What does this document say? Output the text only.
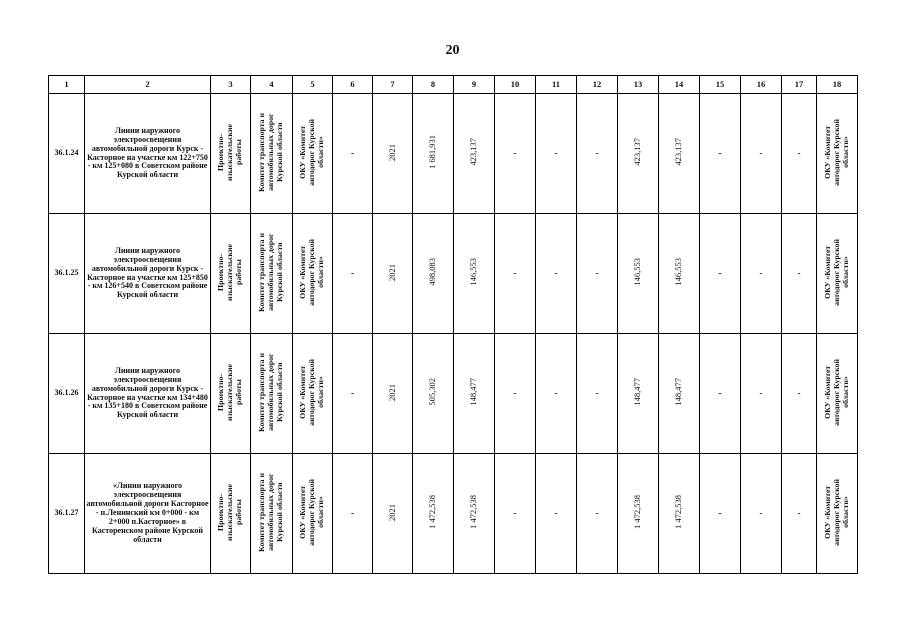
20
1	2	3	4	5	6	7	8	9	10	11	12	13	14	15	16	17	18
36.1.24	Линии наружного электроосвещения автомобильной дороги Курск - Касторное на участке км 122+750 - км 125+080 в Советском районе Курской области	Проектно- изыскательские работы	Комитет транспорта и автомобильных дорог Курской области	ОКУ «Комитет автодорог Курской области»	-	2021	1 681,931	423,137	-	-	-	423,137	423,137	-	-	-	ОКУ «Комитет автодорог Курской области»

36.1.25	Линии наружного электроосвещения автомобильной дороги Курск - Касторное на участке км 125+850 - км 126+540 в Советском районе Курской области	Проектно- изыскательские работы	Комитет транспорта и автомобильных дорог Курской области	ОКУ «Комитет автодорог Курской области»	-	2021	498,083	146,553	-	-	-	146,553	146,553	-	-	-	ОКУ «Комитет автодорог Курской области»

36.1.26	Линии наружного электроосвещения автомобильной дороги Курск - Касторное на участке км 134+480 - км 135+180 в Советском районе Курской области	Проектно- изыскательские работы	Комитет транспорта и автомобильных дорог Курской области	ОКУ «Комитет автодорог Курской области»	-	2021	505,302	148,477	-	-	-	148,477	148,477	-	-	-	ОКУ «Комитет автодорог Курской области»

36.1.27	«Линии наружного электроосвещения автомобильной дороги Касторное - п.Ленинский км 0+000 - км 2+000 п.Касторное» в Касторенском районе Курской области	Проектно- изыскательские работы	Комитет транспорта и автомобильных дорог Курской области	ОКУ «Комитет автодорог Курской области»	-	2021	1 472,538	1 472,538	-	-	-	1 472,538	1 472,538	-	-	-	ОКУ «Комитет автодорог Курской области»
